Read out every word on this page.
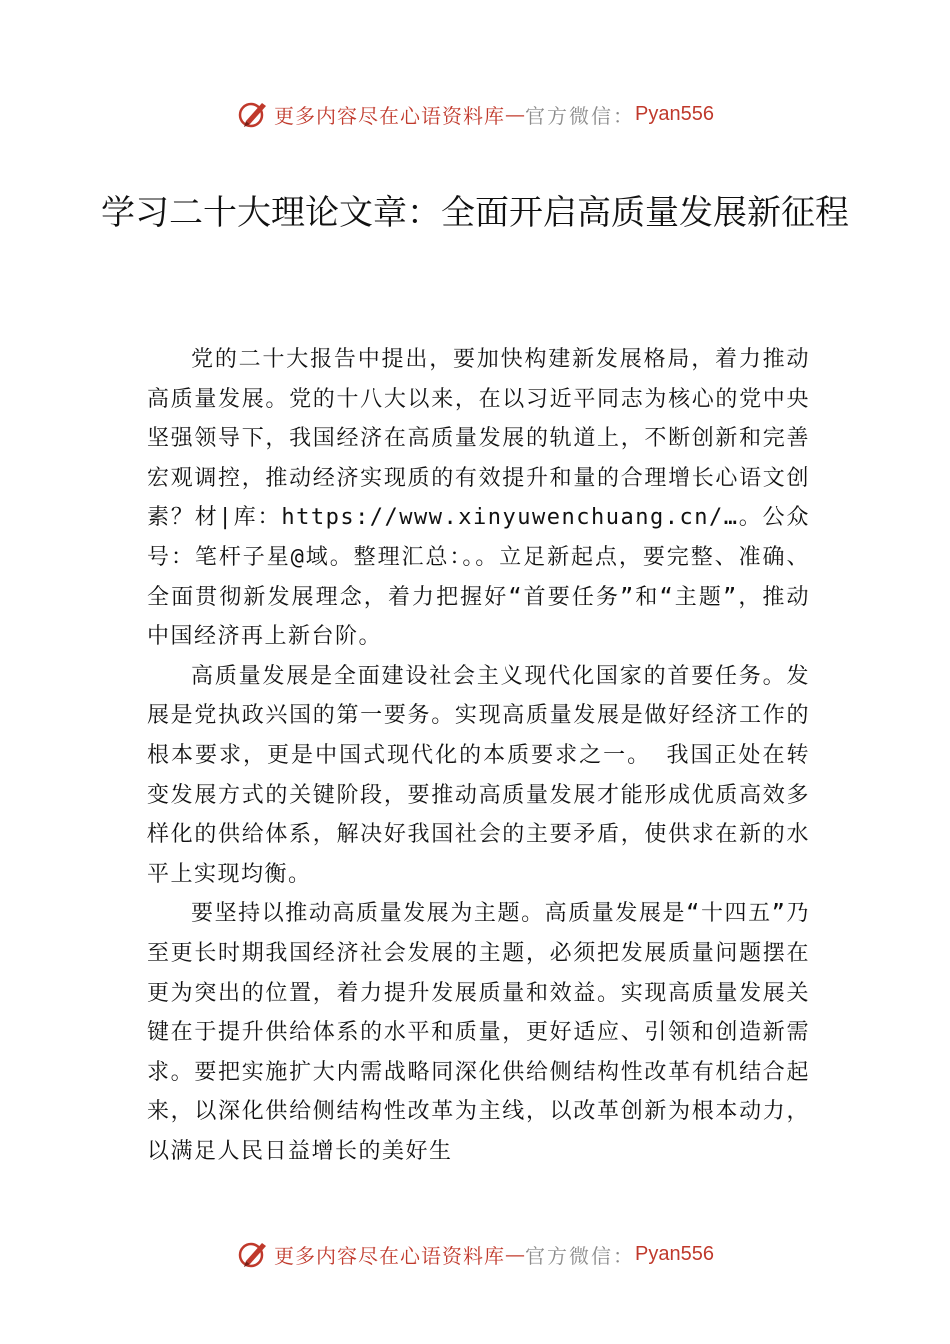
更多内容尽在心语资料库 — 官方微信： Pyan556
学习二十大理论文章：全面开启高质量发展新征程

党的二十大报告中提出，要加快构建新发展格局，着力推动高质量发展。党的十八大以来，在以习近平同志为核心的党中央坚强领导下，我国经济在高质量发展的轨道上，不断创新和完善宏观调控，推动经济实现质的有效提升和量的合理增长心语文创素？材|库：https://www.xinyuwenchuang.cn/…。公众号：笔杆子星@域。整理汇总：。。立足新起点，要完整、准确、全面贯彻新发展理念，着力把握好“首要任务”和“主题”，推动中国经济再上新台阶。

高质量发展是全面建设社会主义现代化国家的首要任务。发展是党执政兴国的第一要务。实现高质量发展是做好经济工作的根本要求，更是中国式现代化的本质要求之一。 我国正处在转变发展方式的关键阶段，要推动高质量发展才能形成优质高效多样化的供给体系，解决好我国社会的主要矛盾，使供求在新的水平上实现均衡。

要坚持以推动高质量发展为主题。高质量发展是“十四五”乃至更长时期我国经济社会发展的主题，必须把发展质量问题摆在更为突出的位置，着力提升发展质量和效益。实现高质量发展关键在于提升供给体系的水平和质量，更好适应、引领和创造新需求。要把实施扩大内需战略同深化供给侧结构性改革有机结合起来，以深化供给侧结构性改革为主线，以改革创新为根本动力，以满足人民日益增长的美好生

更多内容尽在心语资料库 — 官方微信： Pyan556
